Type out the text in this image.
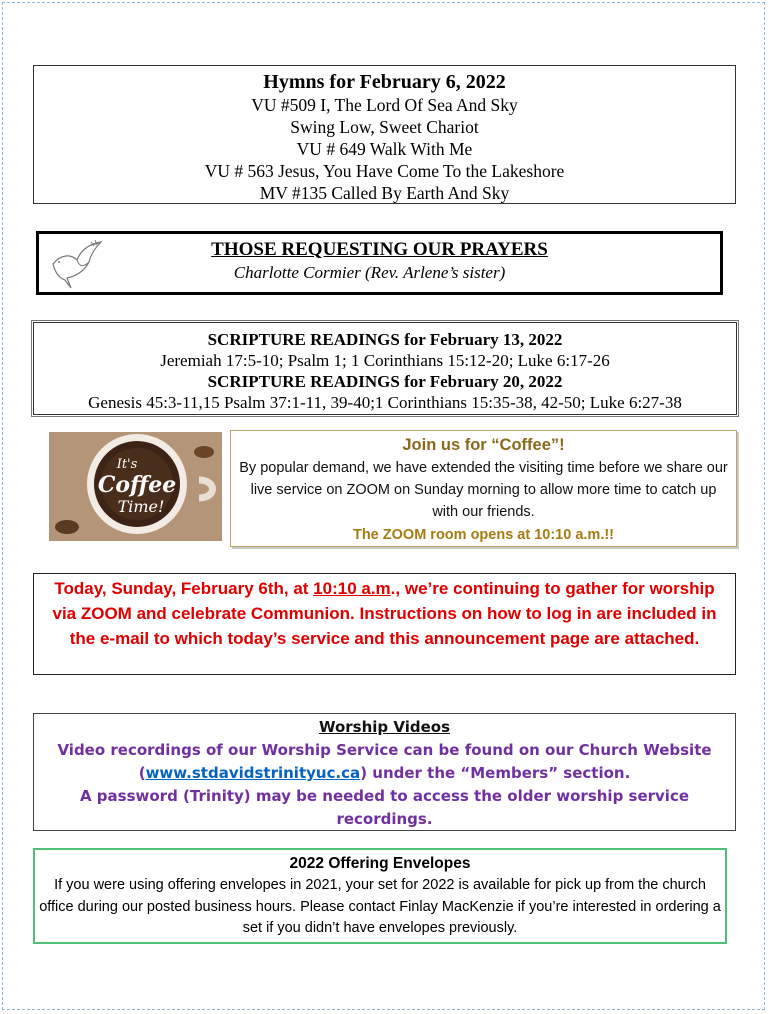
Hymns for February 6, 2022
VU #509 I, The Lord Of Sea And Sky
Swing Low, Sweet Chariot
VU # 649 Walk With Me
VU # 563 Jesus, You Have Come To the Lakeshore
MV #135 Called By Earth And Sky
THOSE REQUESTING OUR PRAYERS
Charlotte Cormier (Rev. Arlene’s sister)
SCRIPTURE READINGS for February 13, 2022
Jeremiah 17:5-10; Psalm 1; 1 Corinthians 15:12-20; Luke 6:17-26
SCRIPTURE READINGS for February 20, 2022
Genesis 45:3-11,15 Psalm 37:1-11, 39-40;1 Corinthians 15:35-38, 42-50; Luke 6:27-38
It's
Coffee
Time!
Join us for “Coffee”!
By popular demand, we have extended the visiting time before we share our live service on ZOOM on Sunday morning to allow more time to catch up with our friends.
The ZOOM room opens at 10:10 a.m.!!
Today, Sunday, February 6th, at 10:10 a.m., we’re continuing to gather for worship via ZOOM and celebrate Communion. Instructions on how to log in are included in the e-mail to which today’s service and this announcement page are attached.
Worship Videos
Video recordings of our Worship Service can be found on our Church Website (www.stdavidstrinityuc.ca) under the “Members” section.
A password (Trinity) may be needed to access the older worship service recordings.
2022 Offering Envelopes
If you were using offering envelopes in 2021, your set for 2022 is available for pick up from the church office during our posted business hours. Please contact Finlay MacKenzie if you’re interested in ordering a set if you didn’t have envelopes previously.
